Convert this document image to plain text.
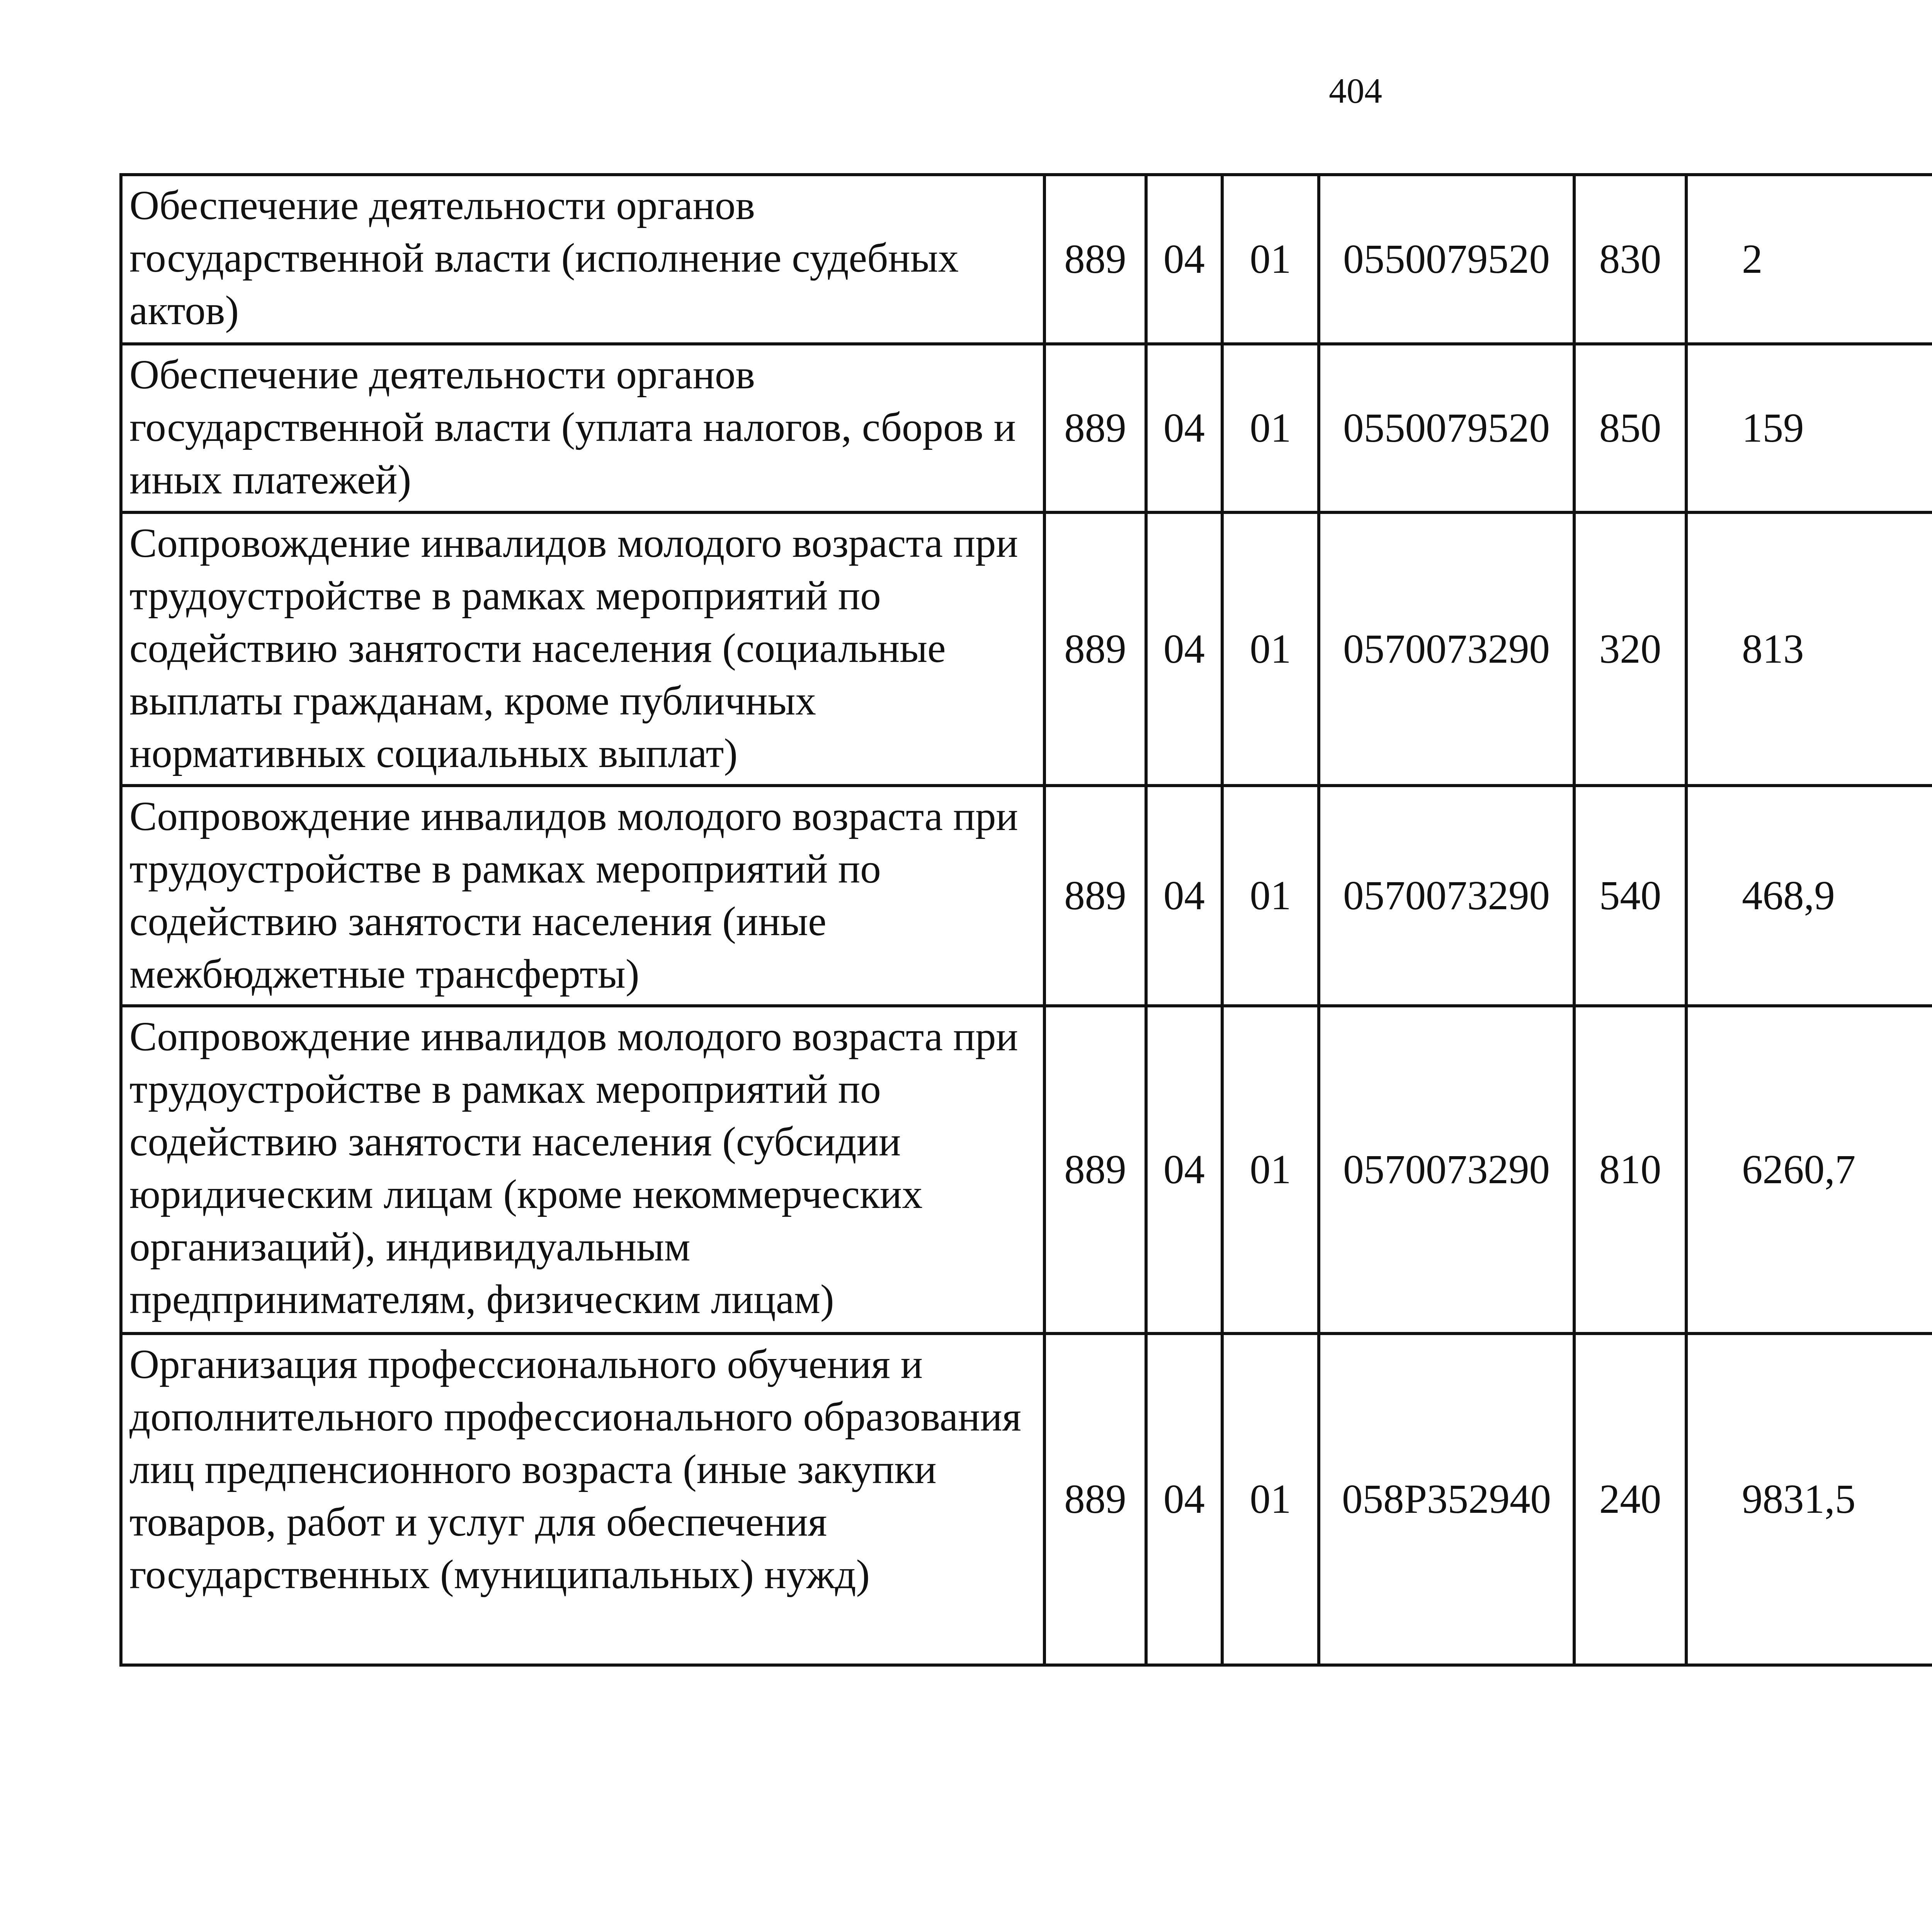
404
Обеспечение деятельности органов государственной власти (исполнение судебных актов)	889	04	01	0550079520	830	2		
Обеспечение деятельности органов государственной власти (уплата налогов, сборов и иных платежей)	889	04	01	0550079520	850	159		
Сопровождение инвалидов молодого возраста при трудоустройстве в рамках мероприятий по содействию занятости населения (социальные выплаты гражданам, кроме публичных нормативных социальных выплат)	889	04	01	0570073290	320	813		
Сопровождение инвалидов молодого возраста при трудоустройстве в рамках мероприятий по содействию занятости населения (иные межбюджетные трансферты)	889	04	01	0570073290	540	468,9		
Сопровождение инвалидов молодого возраста при трудоустройстве в рамках мероприятий по содействию занятости населения (субсидии юридическим лицам (кроме некоммерческих организаций), индивидуальным предпринимателям, физическим лицам)	889	04	01	0570073290	810	6260,7		
Организация профессионального обучения и дополнительного профессионального образования лиц предпенсионного возраста (иные закупки товаров, работ и услуг для обеспечения государственных (муниципальных) нужд)	889	04	01	058P352940	240	9831,5		
